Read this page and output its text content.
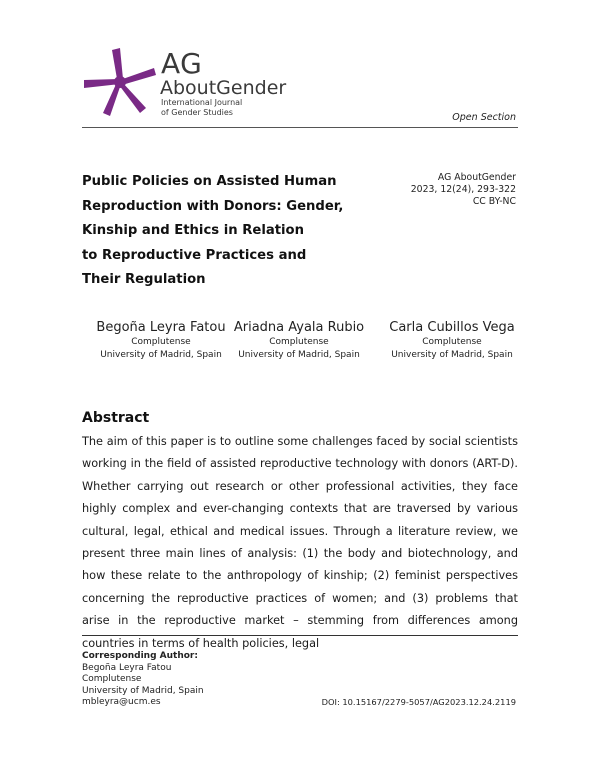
AG
AboutGender
International Journal
of Gender Studies	Open Section
Public Policies on Assisted Human
Reproduction with Donors: Gender,
Kinship and Ethics in Relation
to Reproductive Practices and
Their Regulation
AG AboutGender
2023, 12(24), 293-322
CC BY-NC
Begoña Leyra Fatou
Complutense
University of Madrid, Spain
Ariadna Ayala Rubio
Complutense
University of Madrid, Spain
Carla Cubillos Vega
Complutense
University of Madrid, Spain
Abstract
The aim of this paper is to outline some challenges faced by social scientists working in the field of assisted reproductive technology with donors (ART-D). Whether carrying out research or other professional activities, they face highly complex and ever-changing contexts that are traversed by various cultural, legal, ethical and medical issues. Through a literature review, we present three main lines of analysis: (1) the body and biotechnology, and how these relate to the anthropology of kinship; (2) feminist perspectives concerning the reproductive practices of women; and (3) problems that arise in the reproductive market – stemming from differences among countries in terms of health policies, legal
Corresponding Author:
Begoña Leyra Fatou
Complutense
University of Madrid, Spain
mbleyra@ucm.es	DOI: 10.15167/2279-5057/AG2023.12.24.2119
